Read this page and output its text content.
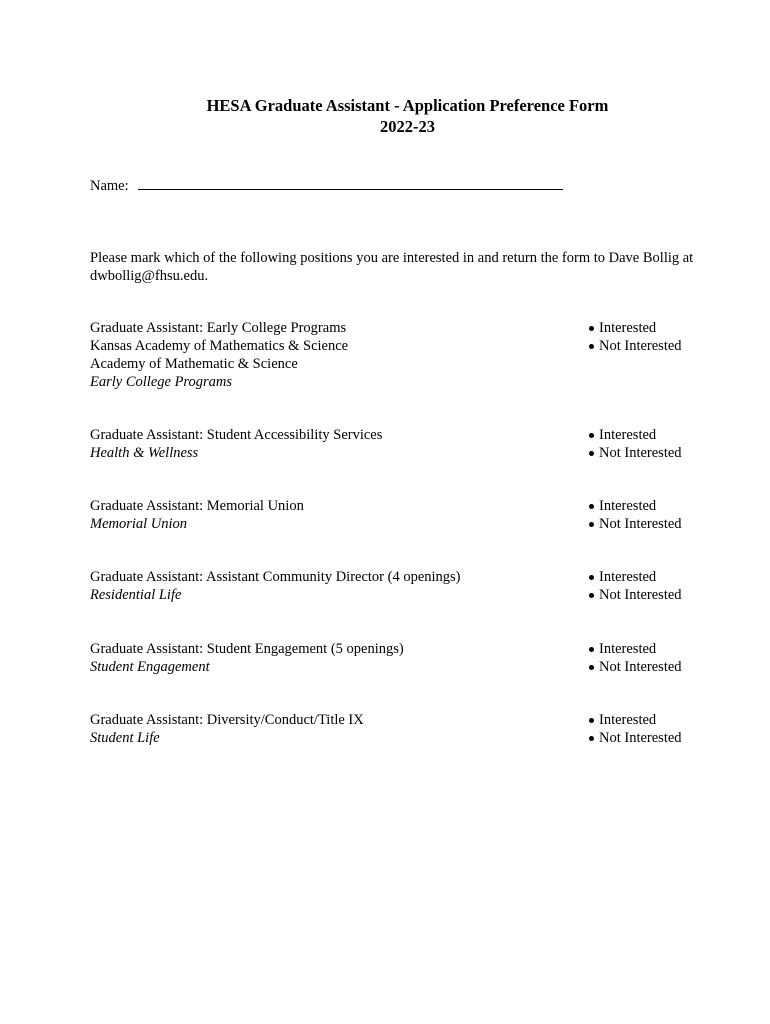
HESA Graduate Assistant - Application Preference Form
2022-23
Name:
Please mark which of the following positions you are interested in and return the form to Dave Bollig at dwbollig@fhsu.edu.
Graduate Assistant: Early College Programs
Kansas Academy of Mathematics & Science
Academy of Mathematic & Science
Early College Programs
Interested
Not Interested
Graduate Assistant: Student Accessibility Services
Health & Wellness
Interested
Not Interested
Graduate Assistant: Memorial Union
Memorial Union
Interested
Not Interested
Graduate Assistant: Assistant Community Director (4 openings)
Residential Life
Interested
Not Interested
Graduate Assistant: Student Engagement (5 openings)
Student Engagement
Interested
Not Interested
Graduate Assistant: Diversity/Conduct/Title IX
Student Life
Interested
Not Interested
